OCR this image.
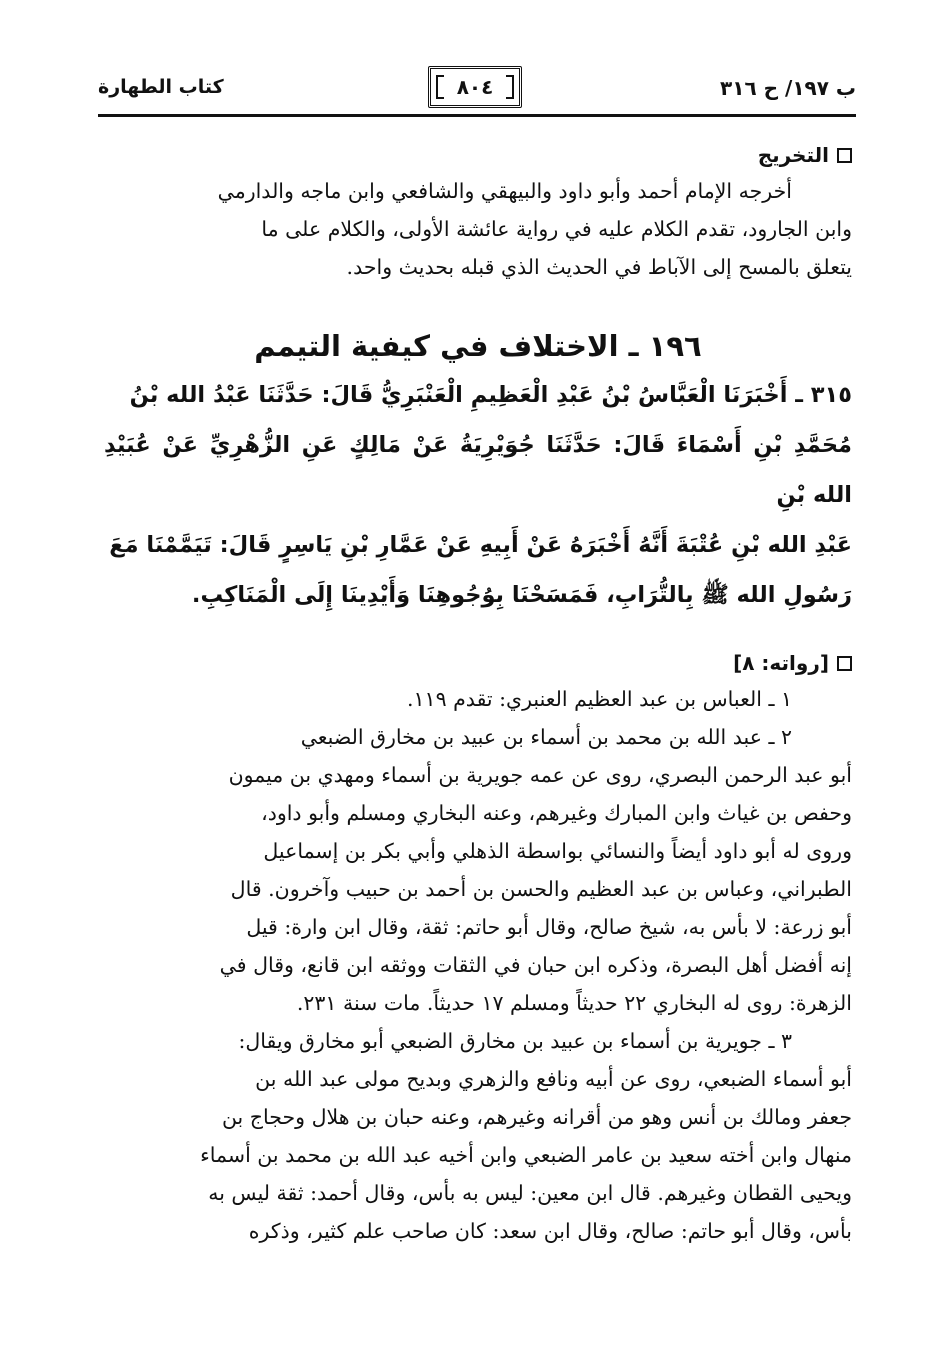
ب ١٩٧/ ح ٣١٦
٨٠٤
كتاب الطهارة
التخريج
أخرجه الإمام أحمد وأبو داود والبيهقي والشافعي وابن ماجه والدارمي
وابن الجارود، تقدم الكلام عليه في رواية عائشة الأولى، والكلام على ما
يتعلق بالمسح إلى الآباط في الحديث الذي قبله بحديث واحد.
١٩٦ ـ الاختلاف في كيفية التيمم
٣١٥ ـ أَخْبَرَنَا الْعَبَّاسُ بْنُ عَبْدِ الْعَظِيمِ الْعَنْبَرِيُّ قَالَ: حَدَّثَنَا عَبْدُ الله بْنُ
مُحَمَّدِ بْنِ أَسْمَاءَ قَالَ: حَدَّثَنَا جُوَيْرِيَةُ عَنْ مَالِكٍ عَنِ الزُّهْرِيِّ عَنْ عُبَيْدِ الله بْنِ
عَبْدِ الله بْنِ عُتْبَةَ أَنَّهُ أَخْبَرَهُ عَنْ أَبِيهِ عَنْ عَمَّارِ بْنِ يَاسِرٍ قَالَ: تَيَمَّمْنَا مَعَ
رَسُولِ الله ﷺ بِالتُّرَابِ، فَمَسَحْنَا بِوُجُوهِنَا وَأَيْدِينَا إِلَى الْمَنَاكِبِ.
[رواته: ٨]
١ ـ العباس بن عبد العظيم العنبري: تقدم ١١٩.
٢ ـ عبد الله بن محمد بن أسماء بن عبيد بن مخارق الضبعي
أبو عبد الرحمن البصري، روى عن عمه جويرية بن أسماء ومهدي بن ميمون
وحفص بن غياث وابن المبارك وغيرهم، وعنه البخاري ومسلم وأبو داود،
وروى له أبو داود أيضاً والنسائي بواسطة الذهلي وأبي بكر بن إسماعيل
الطبراني، وعباس بن عبد العظيم والحسن بن أحمد بن حبيب وآخرون. قال
أبو زرعة: لا بأس به، شيخ صالح، وقال أبو حاتم: ثقة، وقال ابن وارة: قيل
إنه أفضل أهل البصرة، وذكره ابن حبان في الثقات ووثقه ابن قانع، وقال في
الزهرة: روى له البخاري ٢٢ حديثاً ومسلم ١٧ حديثاً. مات سنة ٢٣١.
٣ ـ جويرية بن أسماء بن عبيد بن مخارق الضبعي أبو مخارق ويقال:
أبو أسماء الضبعي، روى عن أبيه ونافع والزهري وبديح مولى عبد الله بن
جعفر ومالك بن أنس وهو من أقرانه وغيرهم، وعنه حبان بن هلال وحجاج بن
منهال وابن أخته سعيد بن عامر الضبعي وابن أخيه عبد الله بن محمد بن أسماء
ويحيى القطان وغيرهم. قال ابن معين: ليس به بأس، وقال أحمد: ثقة ليس به
بأس، وقال أبو حاتم: صالح، وقال ابن سعد: كان صاحب علم كثير، وذكره
